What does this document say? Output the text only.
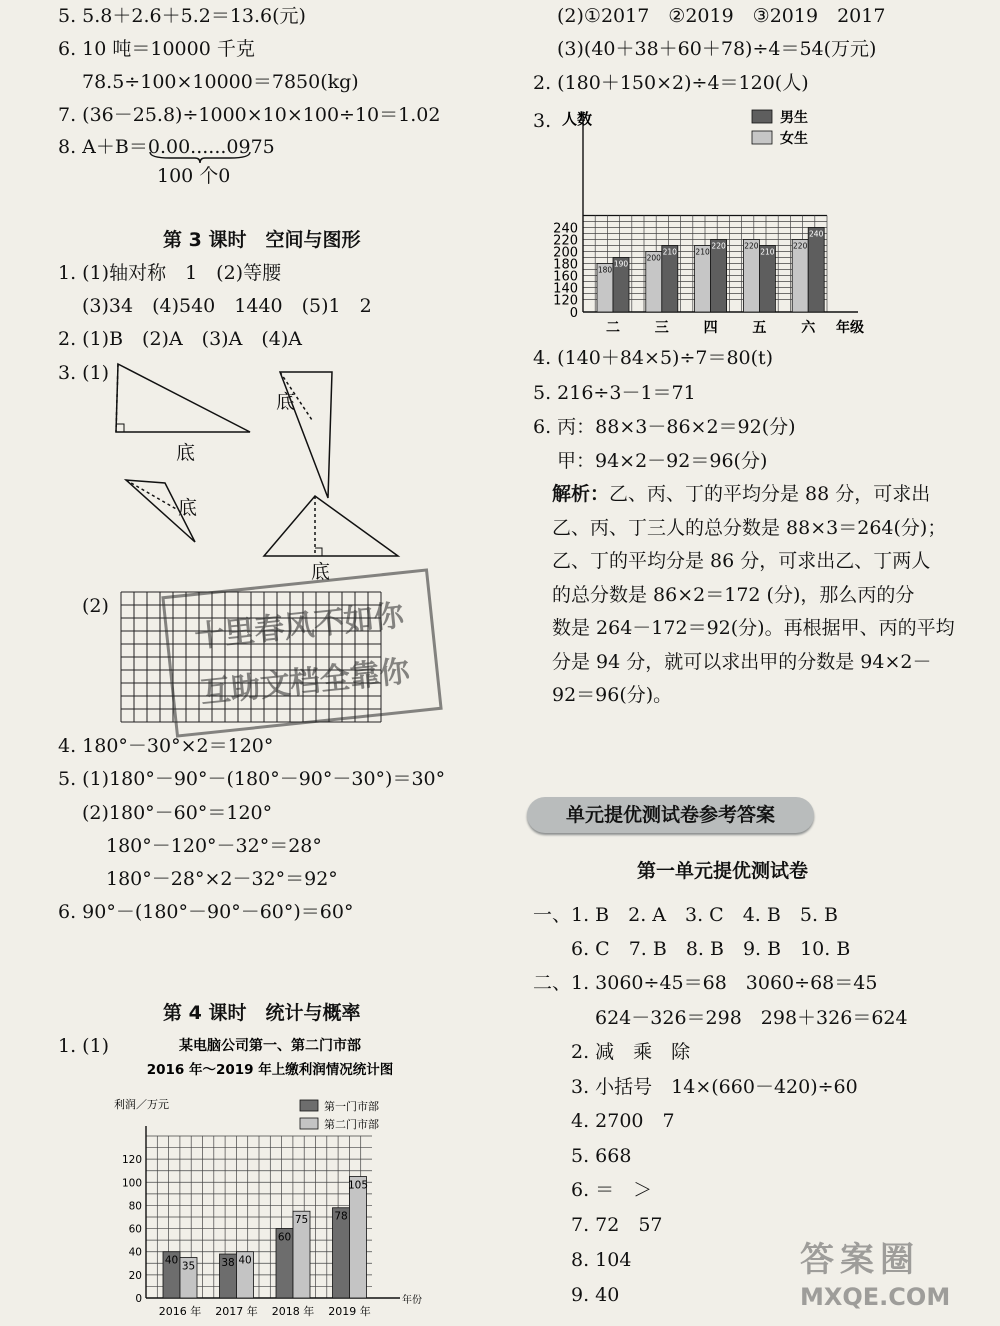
5. 5.8＋2.6＋5.2＝13.6(元)
6. 10 吨＝10000 千克
78.5÷100×10000＝7850(kg)
7. (36－25.8)÷1000×10×100÷10＝1.02
8. A＋B＝0.00......0975
100 个0
第 3 课时　空间与图形
1. (1)轴对称　1　(2)等腰
(3)34　(4)540　1440　(5)1　2
2. (1)B　(2)A　(3)A　(4)A
3. (1)
底
底
底
底
(2)	十里春风不如你
互助文档全靠你
4. 180°－30°×2＝120°
5. (1)180°－90°－(180°－90°－30°)＝30°
(2)180°－60°＝120°
180°－120°－32°＝28°
180°－28°×2－32°＝92°
6. 90°－(180°－90°－60°)＝60°
第 4 课时　统计与概率
1. (1)	某电脑公司第一、第二门市部
2016 年～2019 年上缴利润情况统计图
利润／万元
0
20
40
60
80
100
120
2016 年
40 35
2017 年
38 40
2018 年
60
75
2019 年
78
105
年份
第一门市部
第二门市部
(2)①2017　②2019　③2019　2017
(3)(40＋38＋60＋78)÷4＝54(万元)
2. (180＋150×2)÷4＝120(人)
3. 人数
0
120
140
160
180
200
220
240
二
180
190
三
200
210
四
210
220
五
220
210
六
220
240
年级
男生
女生
4. (140＋84×5)÷7＝80(t)
5. 216÷3－1＝71
6. 丙：88×3－86×2＝92(分)
甲：94×2－92＝96(分)
解析：乙、丙、丁的平均分是 88 分，可求出
乙、丙、丁三人的总分数是 88×3＝264(分)；
乙、丁的平均分是 86 分，可求出乙、丁两人
的总分数是 86×2＝172 (分)，那么丙的分
数是 264－172＝92(分)。再根据甲、丙的平均
分是 94 分，就可以求出甲的分数是 94×2－
92＝96(分)。
单元提优测试卷参考答案
第一单元提优测试卷
一、1. B　2. A　3. C　4. B　5. B
6. C　7. B　8. B　9. B　10. B
二、1. 3060÷45＝68　3060÷68＝45
624－326＝298　298＋326＝624
2. 减　乘　除
3. 小括号　14×(660－420)÷60
4. 2700　7
5. 668
6. ＝　＞
7. 72　57
8. 104
9. 40
答案圈
MXQE.COM
